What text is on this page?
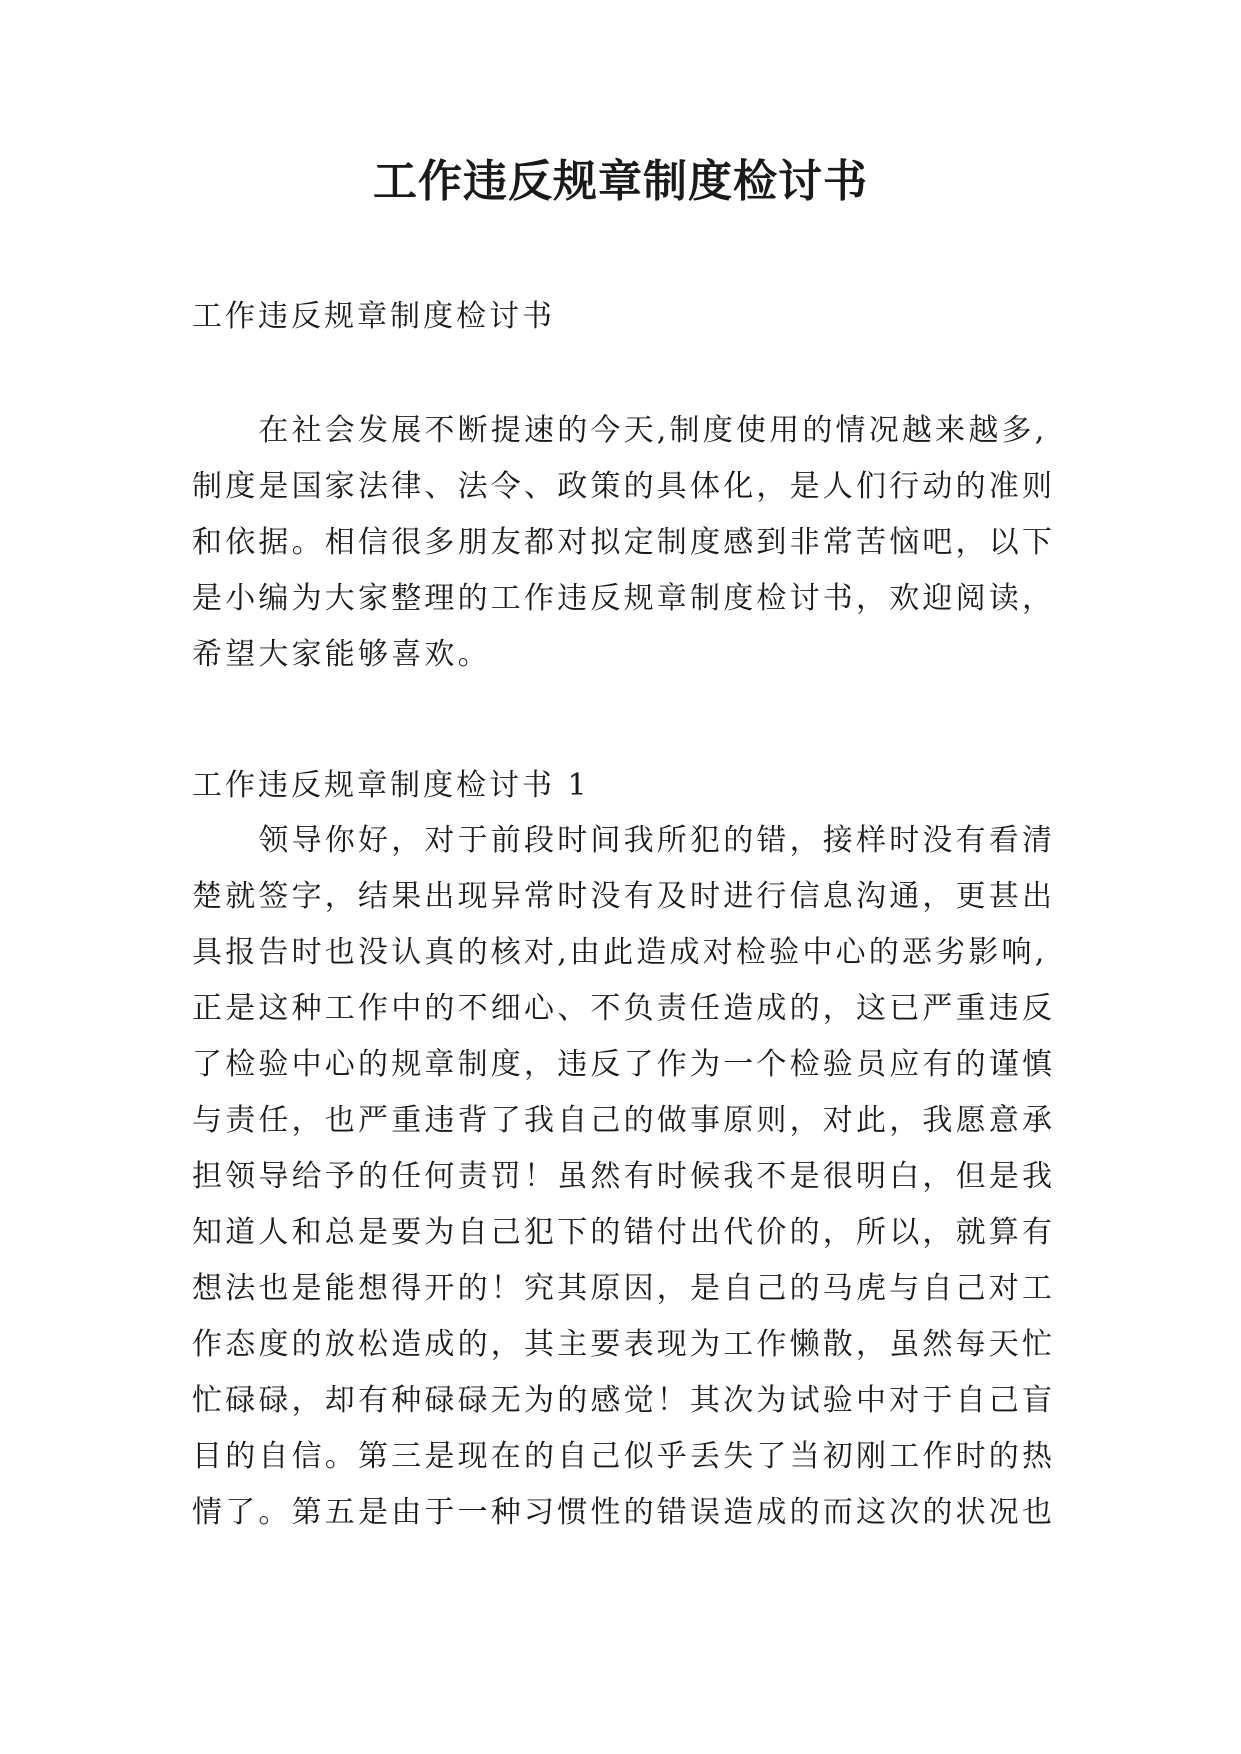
工作违反规章制度检讨书

工作违反规章制度检讨书

　　在社会发展不断提速的今天,制度使用的情况越来越多,
制度是国家法律、法令、政策的具体化，是人们行动的准则
和依据。相信很多朋友都对拟定制度感到非常苦恼吧，以下
是小编为大家整理的工作违反规章制度检讨书，欢迎阅读，
希望大家能够喜欢。

工作违反规章制度检讨书 1

　　领导你好，对于前段时间我所犯的错，接样时没有看清
楚就签字，结果出现异常时没有及时进行信息沟通，更甚出
具报告时也没认真的核对,由此造成对检验中心的恶劣影响,
正是这种工作中的不细心、不负责任造成的，这已严重违反
了检验中心的规章制度，违反了作为一个检验员应有的谨慎
与责任，也严重违背了我自己的做事原则，对此，我愿意承
担领导给予的任何责罚！虽然有时候我不是很明白，但是我
知道人和总是要为自己犯下的错付出代价的，所以，就算有
想法也是能想得开的！究其原因，是自己的马虎与自己对工
作态度的放松造成的，其主要表现为工作懒散，虽然每天忙
忙碌碌，却有种碌碌无为的感觉！其次为试验中对于自己盲
目的自信。第三是现在的自己似乎丢失了当初刚工作时的热
情了。第五是由于一种习惯性的错误造成的而这次的状况也
